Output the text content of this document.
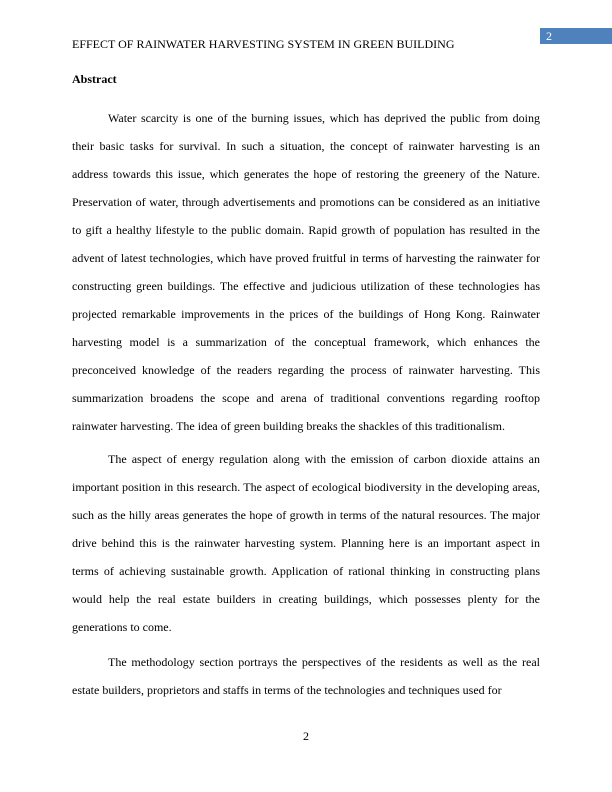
2
EFFECT OF RAINWATER HARVESTING SYSTEM IN GREEN BUILDING
Abstract

Water scarcity is one of the burning issues, which has deprived the public from doing their basic tasks for survival. In such a situation, the concept of rainwater harvesting is an address towards this issue, which generates the hope of restoring the greenery of the Nature. Preservation of water, through advertisements and promotions can be considered as an initiative to gift a healthy lifestyle to the public domain. Rapid growth of population has resulted in the advent of latest technologies, which have proved fruitful in terms of harvesting the rainwater for constructing green buildings. The effective and judicious utilization of these technologies has projected remarkable improvements in the prices of the buildings of Hong Kong. Rainwater harvesting model is a summarization of the conceptual framework, which enhances the preconceived knowledge of the readers regarding the process of rainwater harvesting. This summarization broadens the scope and arena of traditional conventions regarding rooftop rainwater harvesting. The idea of green building breaks the shackles of this traditionalism.

The aspect of energy regulation along with the emission of carbon dioxide attains an important position in this research. The aspect of ecological biodiversity in the developing areas, such as the hilly areas generates the hope of growth in terms of the natural resources. The major drive behind this is the rainwater harvesting system. Planning here is an important aspect in terms of achieving sustainable growth. Application of rational thinking in constructing plans would help the real estate builders in creating buildings, which possesses plenty for the generations to come.

The methodology section portrays the perspectives of the residents as well as the real estate builders, proprietors and staffs in terms of the technologies and techniques used for

2
